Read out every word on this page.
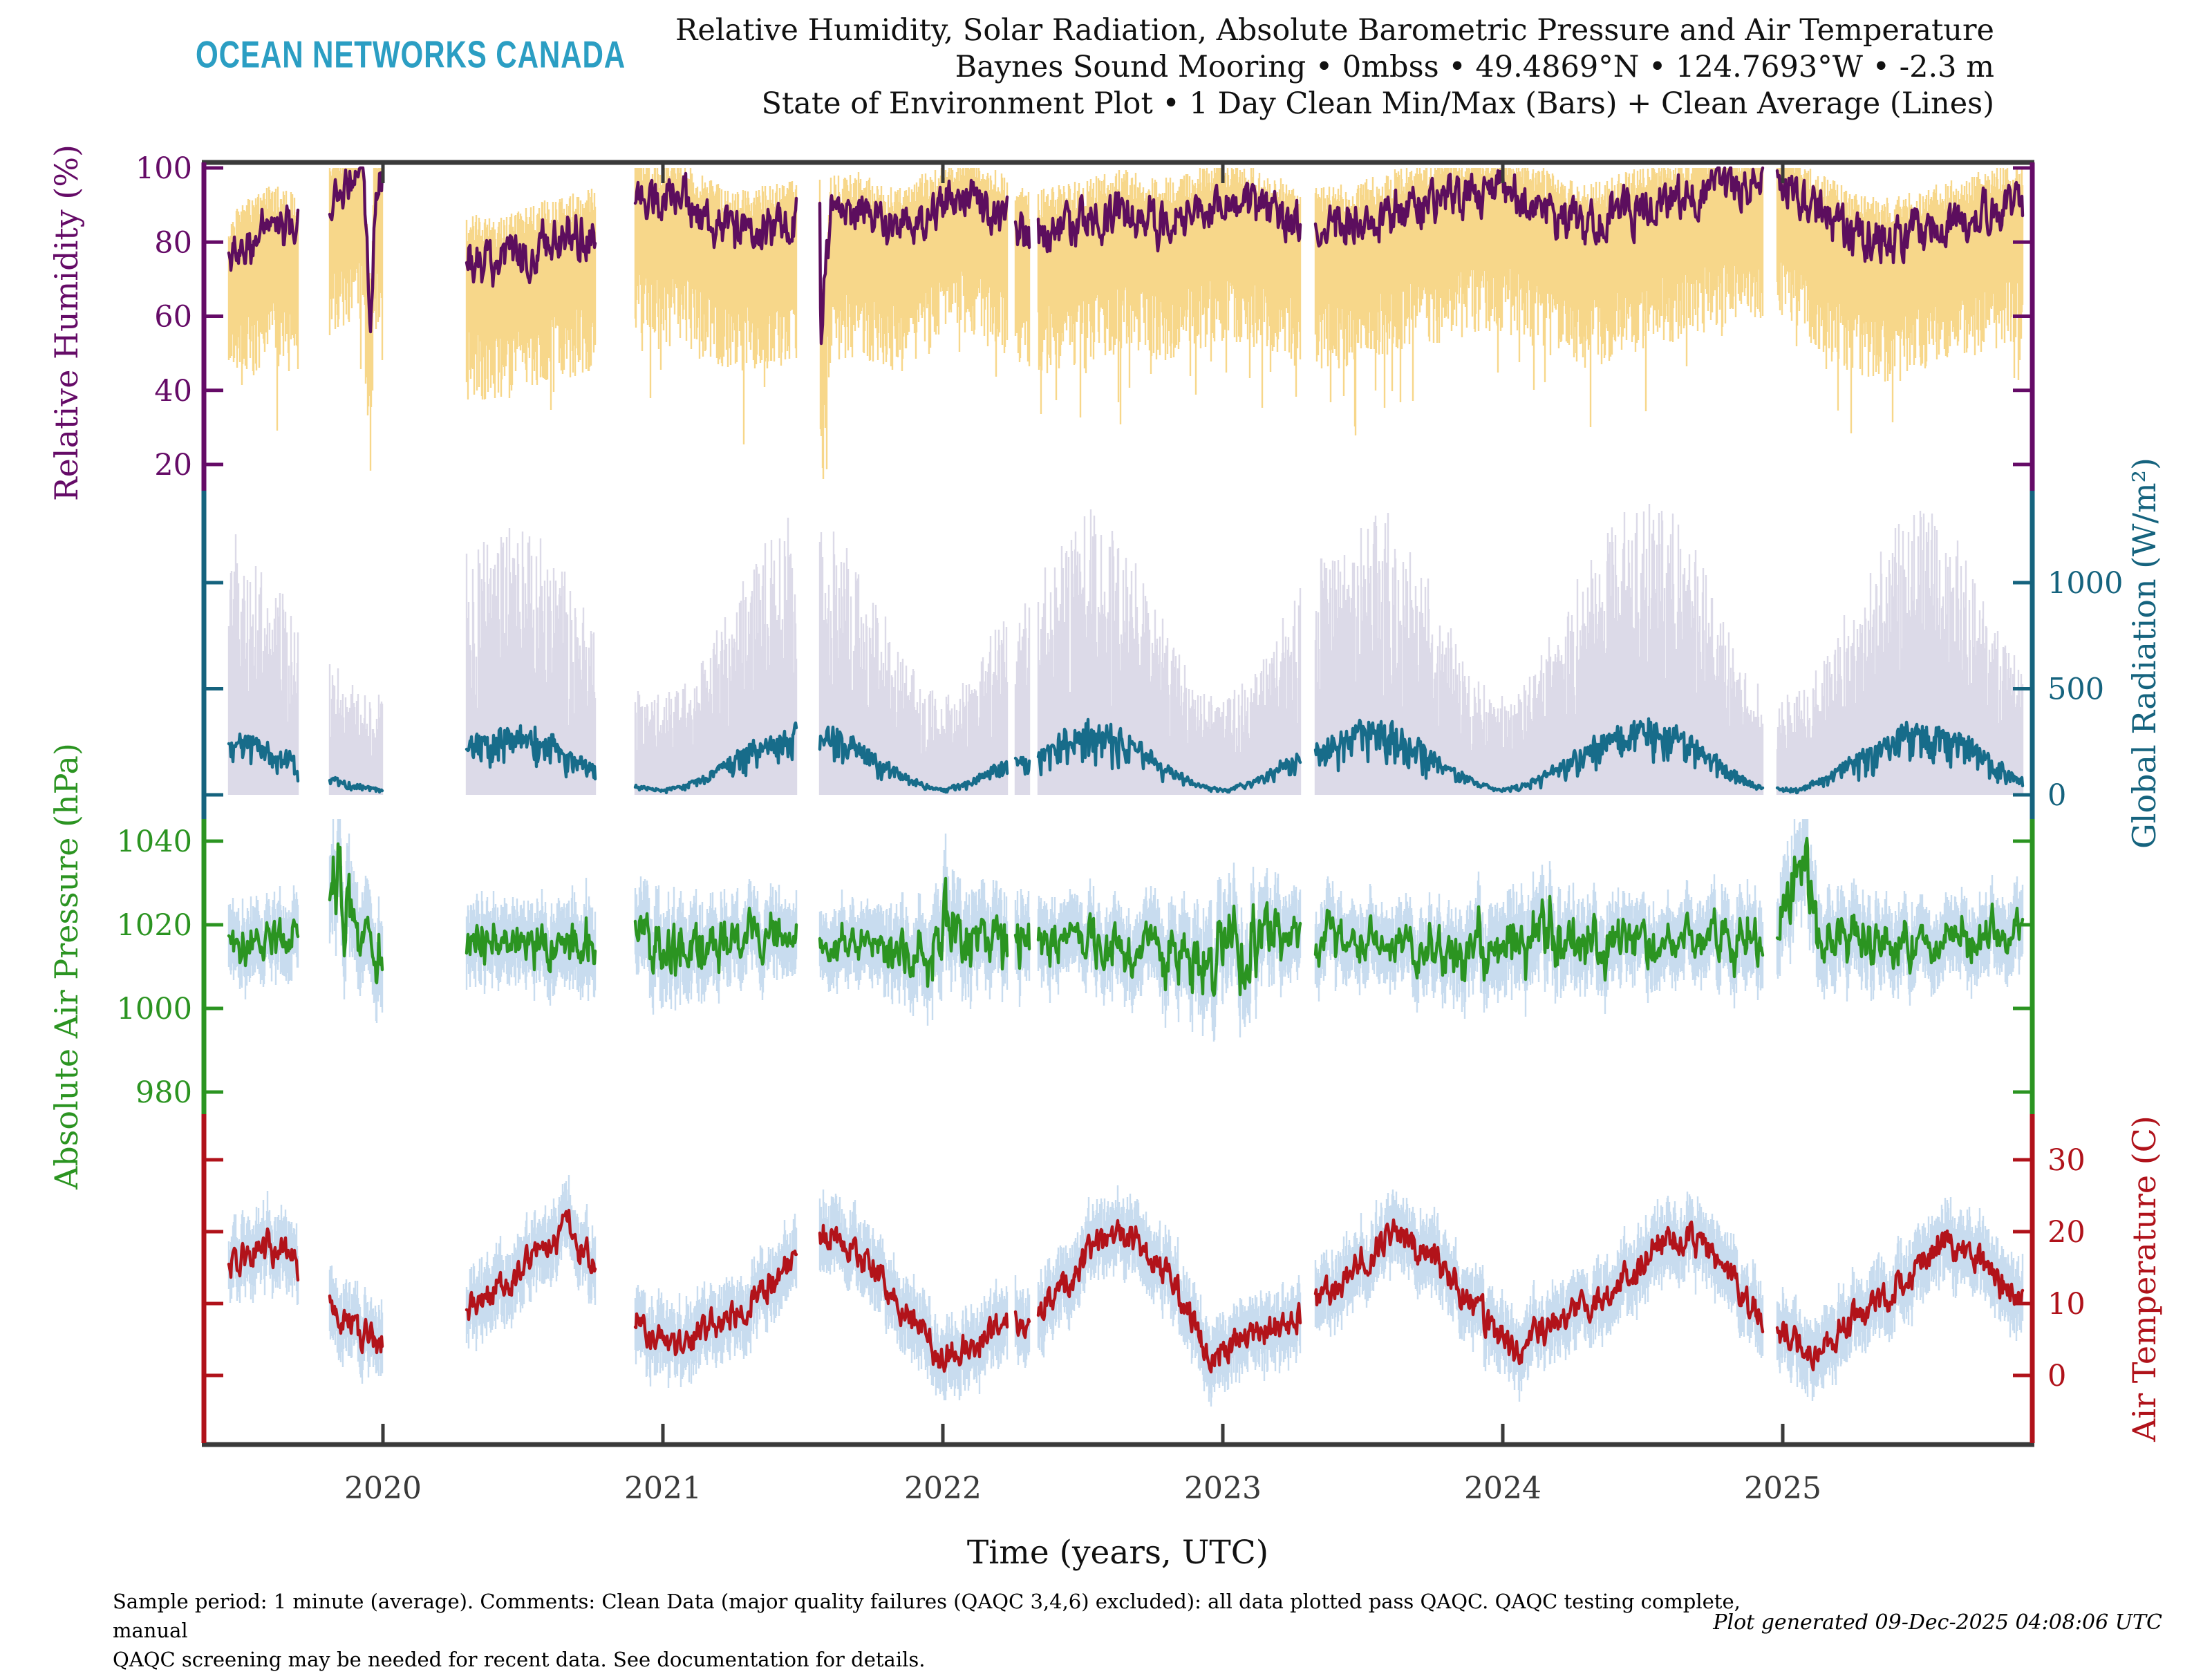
OCEAN NETWORKS CANADA
Relative Humidity, Solar Radiation, Absolute Barometric Pressure and Air Temperature
Baynes Sound Mooring • 0mbss • 49.4869°N • 124.7693°W • -2.3 m
State of Environment Plot • 1 Day Clean Min/Max (Bars) + Clean Average (Lines)
2020	2021	2022	2023	2024	2025
20
40
60
80
100
0
500
1000
980
1000
1020
1040
0
10
20
30
Relative Humidity (%)
Global Radiation (W/m²)
Absolute Air Pressure (hPa)
Air Temperature (C)
Time (years, UTC)
Sample period: 1 minute (average). Comments: Clean Data (major quality failures (QAQC 3,4,6) excluded): all data plotted pass QAQC. QAQC testing complete, manual
QAQC screening may be needed for recent data. See documentation for details.
Plot generated 09-Dec-2025 04:08:06 UTC
